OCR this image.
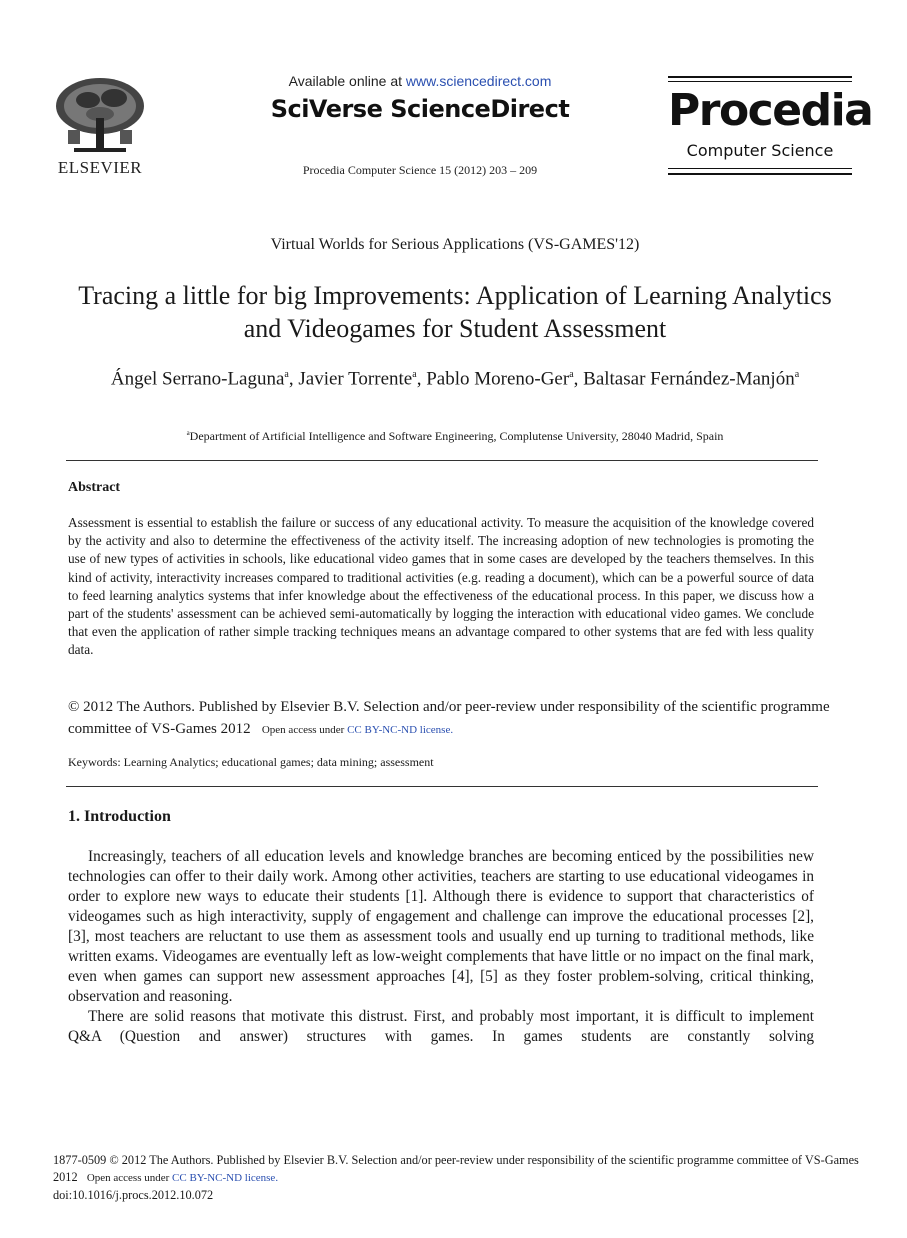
ELSEVIER
Available online at www.sciencedirect.com
SciVerse ScienceDirect
Procedia Computer Science 15 (2012) 203 – 209
Procedia
Computer Science
Virtual Worlds for Serious Applications (VS-GAMES'12)
Tracing a little for big Improvements: Application of Learning Analytics and Videogames for Student Assessment
Ángel Serrano-Laguna$^a$, Javier Torrente$^a$, Pablo Moreno-Ger$^a$, Baltasar Fernández-Manjón$^a$
$^a$Department of Artificial Intelligence and Software Engineering, Complutense University, 28040 Madrid, Spain
Abstract
Assessment is essential to establish the failure or success of any educational activity. To measure the acquisition of the knowledge covered by the activity and also to determine the effectiveness of the activity itself. The increasing adoption of new technologies is promoting the use of new types of activities in schools, like educational video games that in some cases are developed by the teachers themselves. In this kind of activity, interactivity increases compared to traditional activities (e.g. reading a document), which can be a powerful source of data to feed learning analytics systems that infer knowledge about the effectiveness of the educational process. In this paper, we discuss how a part of the students' assessment can be achieved semi-automatically by logging the interaction with educational video games. We conclude that even the application of rather simple tracking techniques means an advantage compared to other systems that are fed with less quality data.
© 2012 The Authors. Published by Elsevier B.V. Selection and/or peer-review under responsibility of the scientific programme committee of VS-Games 2012 Open access under CC BY-NC-ND license.
Keywords: Learning Analytics; educational games; data mining; assessment
1. Introduction
Increasingly, teachers of all education levels and knowledge branches are becoming enticed by the possibilities new technologies can offer to their daily work. Among other activities, teachers are starting to use educational videogames in order to explore new ways to educate their students [1]. Although there is evidence to support that characteristics of videogames such as high interactivity, supply of engagement and challenge can improve the educational processes [2], [3], most teachers are reluctant to use them as assessment tools and usually end up turning to traditional methods, like written exams. Videogames are eventually left as low-weight complements that have little or no impact on the final mark, even when games can support new assessment approaches [4], [5] as they foster problem-solving, critical thinking, observation and reasoning.
There are solid reasons that motivate this distrust. First, and probably most important, it is difficult to implement Q&A (Question and answer) structures with games. In games students are constantly solving
1877-0509 © 2012 The Authors. Published by Elsevier B.V. Selection and/or peer-review under responsibility of the scientific programme committee of VS-Games 2012 Open access under CC BY-NC-ND license.
doi:10.1016/j.procs.2012.10.072
